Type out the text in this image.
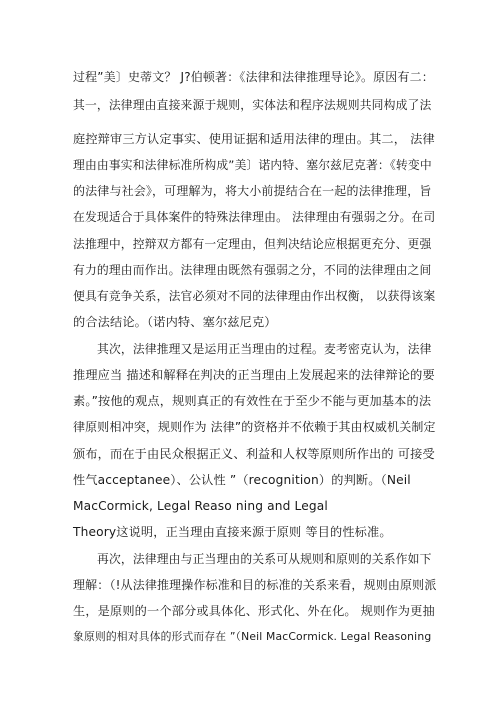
过程”美〕史蒂文？ J?伯顿著：《法律和法律推理导论》。原因有二：
其一，法律理由直接来源于规则，实体法和程序法规则共同构成了法
庭控辩审三方认定事实、使用证据和适用法律的理由。其二， 法律
理由由事实和法律标准所构成”美〕诺内特、塞尔兹尼克著：《转变中
的法律与社会》，可理解为，将大小前提结合在一起的法律推理，旨
在发现适合于具体案件的特殊法律理由。 法律理由有强弱之分。在司
法推理中，控辩双方都有一定理由，但判决结论应根据更充分、更强
有力的理由而作出。法律理由既然有强弱之分，不同的法律理由之间
便具有竞争关系，法官必须对不同的法律理由作出权衡， 以获得该案
的合法结论。（诺内特、塞尔兹尼克）
其次，法律推理又是运用正当理由的过程。麦考密克认为，法律
推理应当 描述和解释在判决的正当理由上发展起来的法律辩论的要
素。”按他的观点，规则真正的有效性在于至少不能与更加基本的法
律原则相冲突，规则作为 法律”的资格并不依赖于其由权威机关制定
颁布，而在于由民众根据正义、利益和人权等原则所作出的 可接受
性气acceptanee）、公认性 ”（recognition）的判断。（Neil
MacCormick, Legal Reaso ning and Legal
Theory这说明，正当理由直接来源于原则 等目的性标准。
再次，法律理由与正当理由的关系可从规则和原则的关系作如下
理解：（!从法律推理操作标准和目的标准的关系来看，规则由原则派
生，是原则的一个部分或具体化、形式化、外在化。 规则作为更抽
象原则的相对具体的形式而存在 ”（Neil MacCormick. Legal Reasoning
